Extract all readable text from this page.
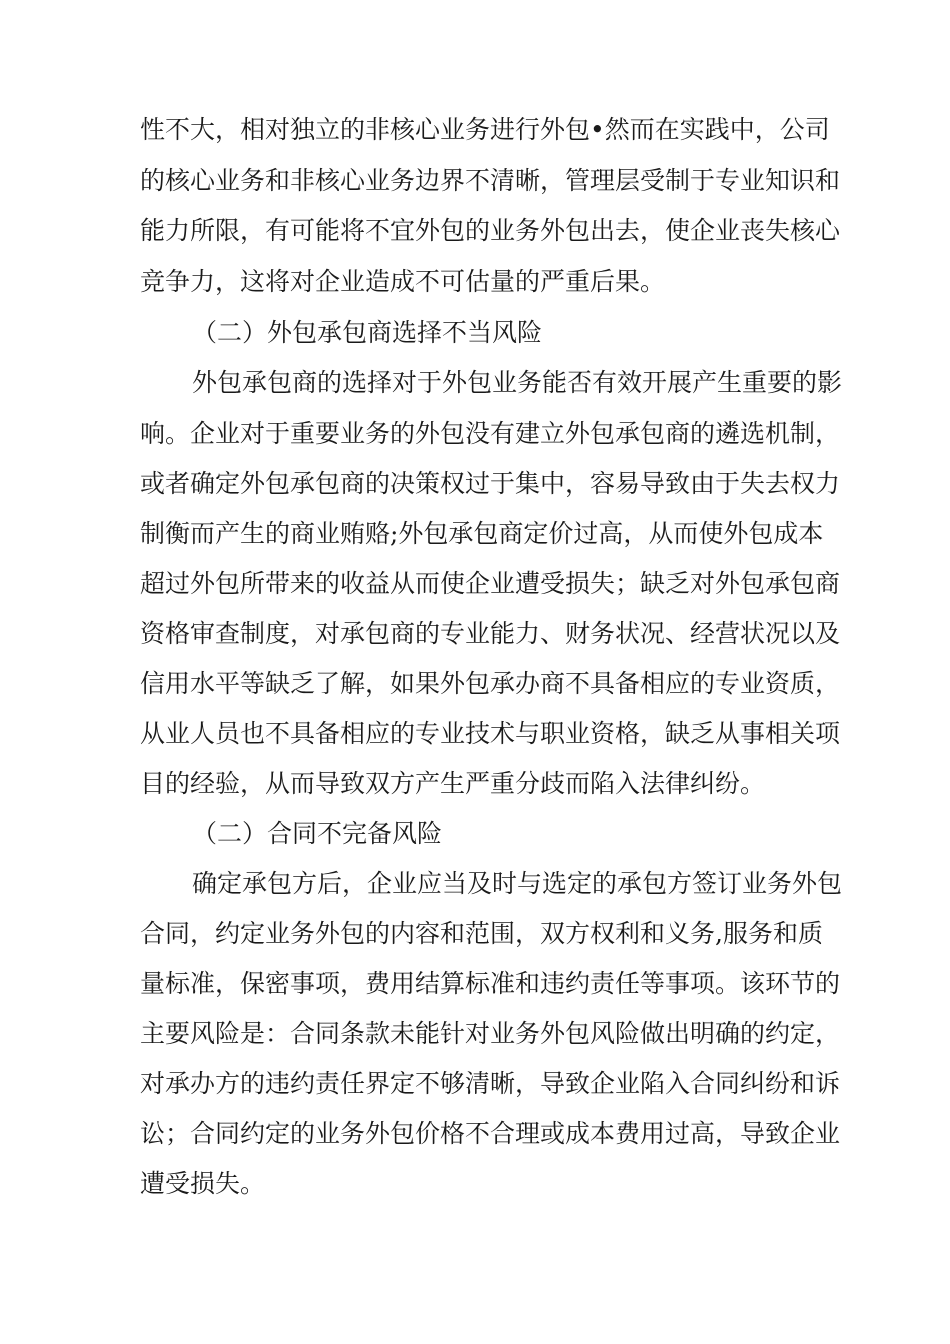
性不大，相对独立的非核心业务进行外包•然而在实践中，公司
的核心业务和非核心业务边界不清晰，管理层受制于专业知识和
能力所限，有可能将不宜外包的业务外包出去，使企业丧失核心
竞争力，这将对企业造成不可估量的严重后果。
（二）外包承包商选择不当风险
外包承包商的选择对于外包业务能否有效开展产生重要的影
响。企业对于重要业务的外包没有建立外包承包商的遴选机制，
或者确定外包承包商的决策权过于集中，容易导致由于失去权力
制衡而产生的商业贿赂;外包承包商定价过高，从而使外包成本
超过外包所带来的收益从而使企业遭受损失；缺乏对外包承包商
资格审查制度，对承包商的专业能力、财务状况、经营状况以及
信用水平等缺乏了解，如果外包承办商不具备相应的专业资质，
从业人员也不具备相应的专业技术与职业资格，缺乏从事相关项
目的经验，从而导致双方产生严重分歧而陷入法律纠纷。
（二）合同不完备风险
确定承包方后，企业应当及时与选定的承包方签订业务外包
合同，约定业务外包的内容和范围，双方权利和义务,服务和质
量标准，保密事项，费用结算标准和违约责任等事项。该环节的
主要风险是：合同条款未能针对业务外包风险做出明确的约定，
对承办方的违约责任界定不够清晰，导致企业陷入合同纠纷和诉
讼；合同约定的业务外包价格不合理或成本费用过高，导致企业
遭受损失。
